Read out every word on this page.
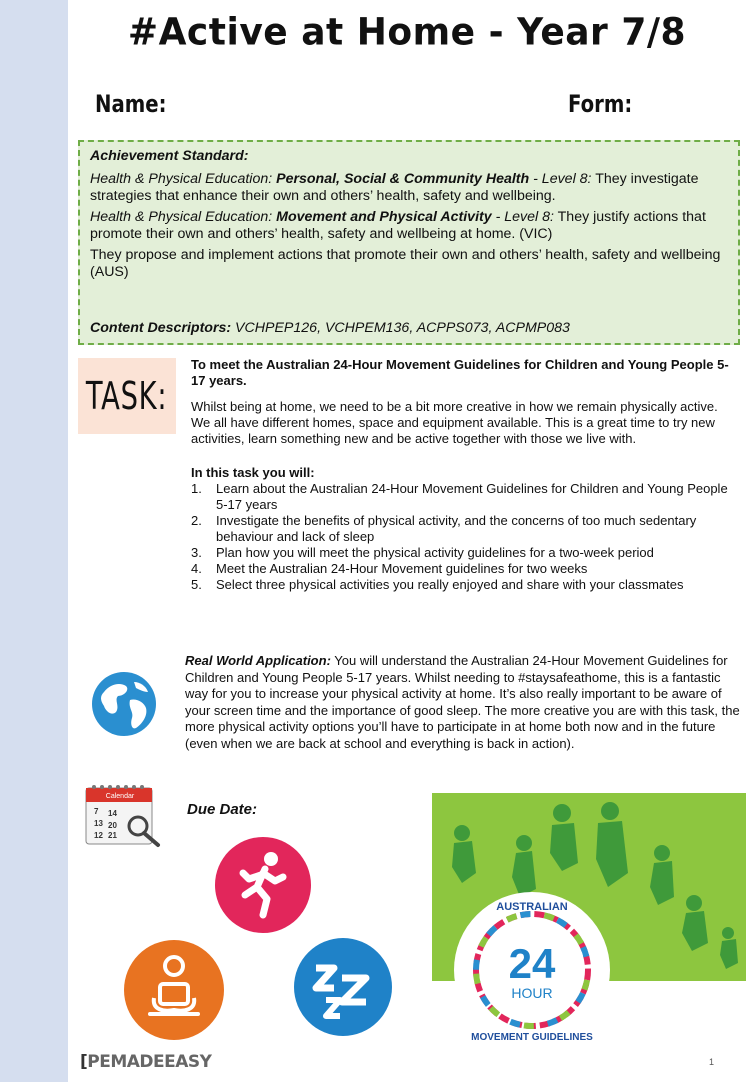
#Active at Home - Year 7/8
Name:	Form:

Achievement Standard:

Health & Physical Education: Personal, Social & Community Health - Level 8: They investigate strategies that enhance their own and others’ health, safety and wellbeing.

Health & Physical Education: Movement and Physical Activity - Level 8: They justify actions that promote their own and others’ health, safety and wellbeing at home. (VIC)

They propose and implement actions that promote their own and others’ health, safety and wellbeing (AUS)

Content Descriptors: VCHPEP126, VCHPEM136, ACPPS073, ACPMP083

TASK:

To meet the Australian 24-Hour Movement Guidelines for Children and Young People 5-17 years.

Whilst being at home, we need to be a bit more creative in how we remain physically active. We all have different homes, space and equipment available. This is a great time to try new activities, learn something new and be active together with those we live with.

In this task you will:

1.	Learn about the Australian 24-Hour Movement Guidelines for Children and Young People 5-17 years
2.	Investigate the benefits of physical activity, and the concerns of too much sedentary behaviour and lack of sleep
3.	Plan how you will meet the physical activity guidelines for a two-week period
4.	Meet the Australian 24-Hour Movement guidelines for two weeks
5.	Select three physical activities you really enjoyed and share with your classmates

Real World Application: You will understand the Australian 24-Hour Movement Guidelines for Children and Young People 5-17 years. Whilst needing to #staysafeathome, this is a fantastic way for you to increase your physical activity at home. It’s also really important to be aware of your screen time and the importance of good sleep. The more creative you are with this task, the more physical activity options you’ll have to participate in at home both now and in the future (even when we are back at school and everything is back in action).

Calendar
7 14
13 20
12 21
Due Date:
AUSTRALIAN
24
HOUR
MOVEMENT GUIDELINES
[PEMADEEASY	1
